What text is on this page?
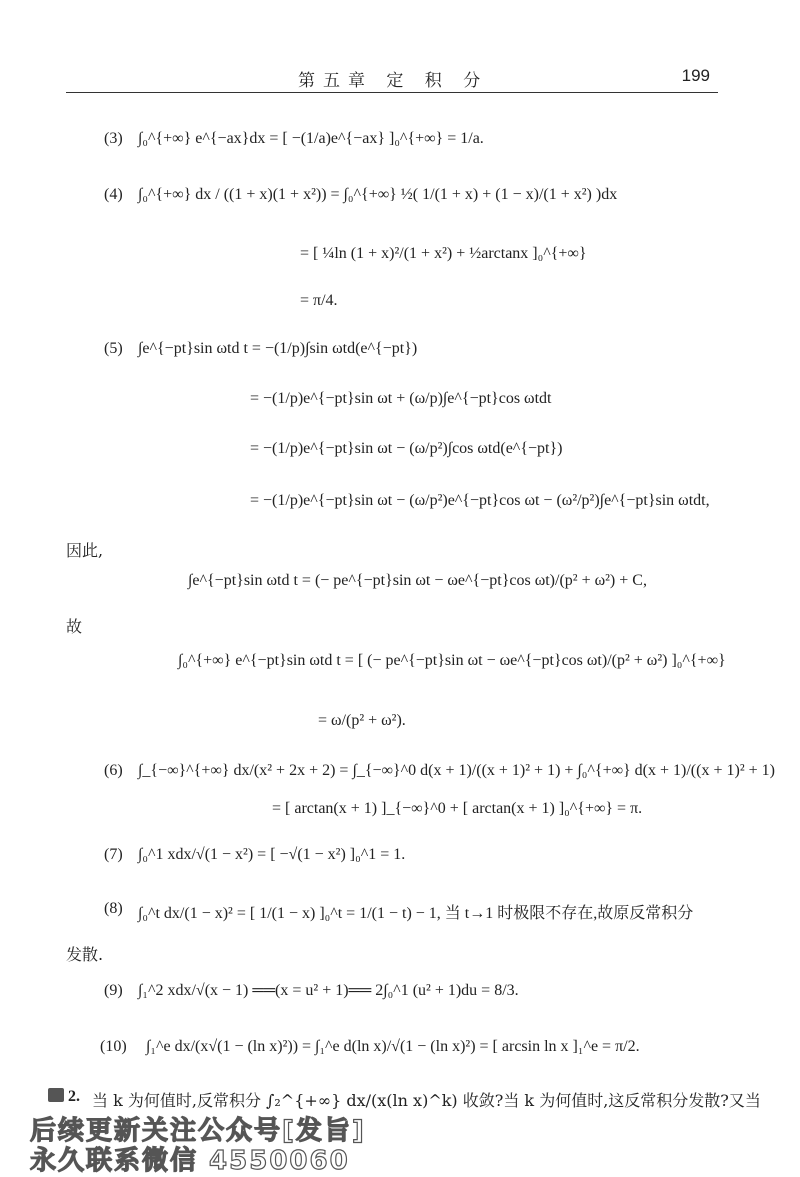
第五章 定 积 分	199
(3) ∫₀^{+∞} e^{−ax}dx = [ −(1/a)e^{−ax} ]₀^{+∞} = 1/a.
(4) ∫₀^{+∞} dx / ((1 + x)(1 + x²)) = ∫₀^{+∞} ½( 1/(1 + x) + (1 − x)/(1 + x²) )dx
= [ ¼ln (1 + x)²/(1 + x²) + ½arctanx ]₀^{+∞}
= π/4.
(5) ∫e^{−pt}sin ωtd t = −(1/p)∫sin ωtd(e^{−pt})
= −(1/p)e^{−pt}sin ωt + (ω/p)∫e^{−pt}cos ωtdt
= −(1/p)e^{−pt}sin ωt − (ω/p²)∫cos ωtd(e^{−pt})
= −(1/p)e^{−pt}sin ωt − (ω/p²)e^{−pt}cos ωt − (ω²/p²)∫e^{−pt}sin ωtdt,
因此,
∫e^{−pt}sin ωtd t = (− pe^{−pt}sin ωt − ωe^{−pt}cos ωt)/(p² + ω²) + C,
故
∫₀^{+∞} e^{−pt}sin ωtd t = [ (− pe^{−pt}sin ωt − ωe^{−pt}cos ωt)/(p² + ω²) ]₀^{+∞}
= ω/(p² + ω²).
(6) ∫_{−∞}^{+∞} dx/(x² + 2x + 2) = ∫_{−∞}^0 d(x + 1)/((x + 1)² + 1) + ∫₀^{+∞} d(x + 1)/((x + 1)² + 1)
= [ arctan(x + 1) ]_{−∞}^0 + [ arctan(x + 1) ]₀^{+∞} = π.
(7) ∫₀^1 xdx/√(1 − x²) = [ −√(1 − x²) ]₀^1 = 1.
(8) ∫₀^t dx/(1 − x)² = [ 1/(1 − x) ]₀^t = 1/(1 − t) − 1, 当 t→1 时极限不存在,故原反常积分
发散.
(9) ∫₁^2 xdx/√(x − 1) ══(x = u² + 1)══ 2∫₀^1 (u² + 1)du = 8/3.
(10) ∫₁^e dx/(x√(1 − (ln x)²)) = ∫₁^e d(ln x)/√(1 − (ln x)²) = [ arcsin ln x ]₁^e = π/2.
2. 当 k 为何值时,反常积分 ∫₂^{+∞} dx/(x(ln x)^k) 收敛?当 k 为何值时,这反常积分发散?又当
后续更新关注公众号[发旨]
永久联系微信 4550060
